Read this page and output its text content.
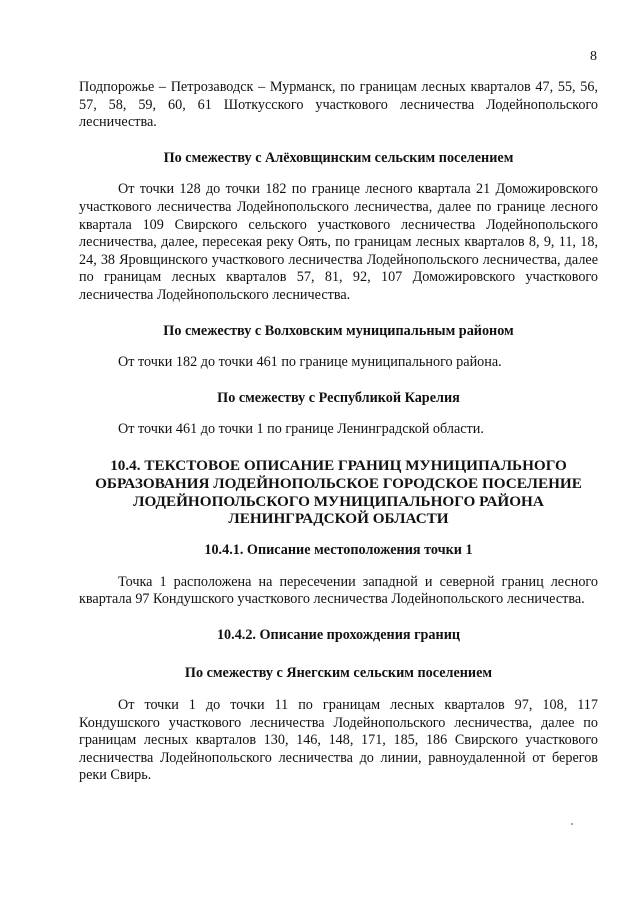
8

Подпорожье – Петрозаводск – Мурманск, по границам лесных кварталов 47, 55, 56, 57, 58, 59, 60, 61 Шоткусского участкового лесничества Лодейнопольского лесничества.

По смежеству с Алёховщинским сельским поселением

От точки 128 до точки 182 по границе лесного квартала 21 Доможировского участкового лесничества Лодейнопольского лесничества, далее по границе лесного квартала 109 Свирского сельского участкового лесничества Лодейнопольского лесничества, далее, пересекая реку Оять, по границам лесных кварталов 8, 9, 11, 18, 24, 38 Яровщинского участкового лесничества Лодейнопольского лесничества, далее по границам лесных кварталов 57, 81, 92, 107 Доможировского участкового лесничества Лодейнопольского лесничества.

По смежеству с Волховским муниципальным районом

От точки 182 до точки 461 по границе муниципального района.

По смежеству с Республикой Карелия

От точки 461 до точки 1 по границе Ленинградской области.

10.4. ТЕКСТОВОЕ ОПИСАНИЕ ГРАНИЦ МУНИЦИПАЛЬНОГО ОБРАЗОВАНИЯ ЛОДЕЙНОПОЛЬСКОЕ ГОРОДСКОЕ ПОСЕЛЕНИЕ ЛОДЕЙНОПОЛЬСКОГО МУНИЦИПАЛЬНОГО РАЙОНА ЛЕНИНГРАДСКОЙ ОБЛАСТИ
10.4.1. Описание местоположения точки 1

Точка 1 расположена на пересечении западной и северной границ лесного квартала 97 Кондушского участкового лесничества Лодейнопольского лесничества.

10.4.2. Описание прохождения границ
По смежеству с Янегским сельским поселением

От точки 1 до точки 11 по границам лесных кварталов 97, 108, 117 Кондушского участкового лесничества Лодейнопольского лесничества, далее по границам лесных кварталов 130, 146, 148, 171, 185, 186 Свирского участкового лесничества Лодейнопольского лесничества до линии, равноудаленной от берегов реки Свирь.
